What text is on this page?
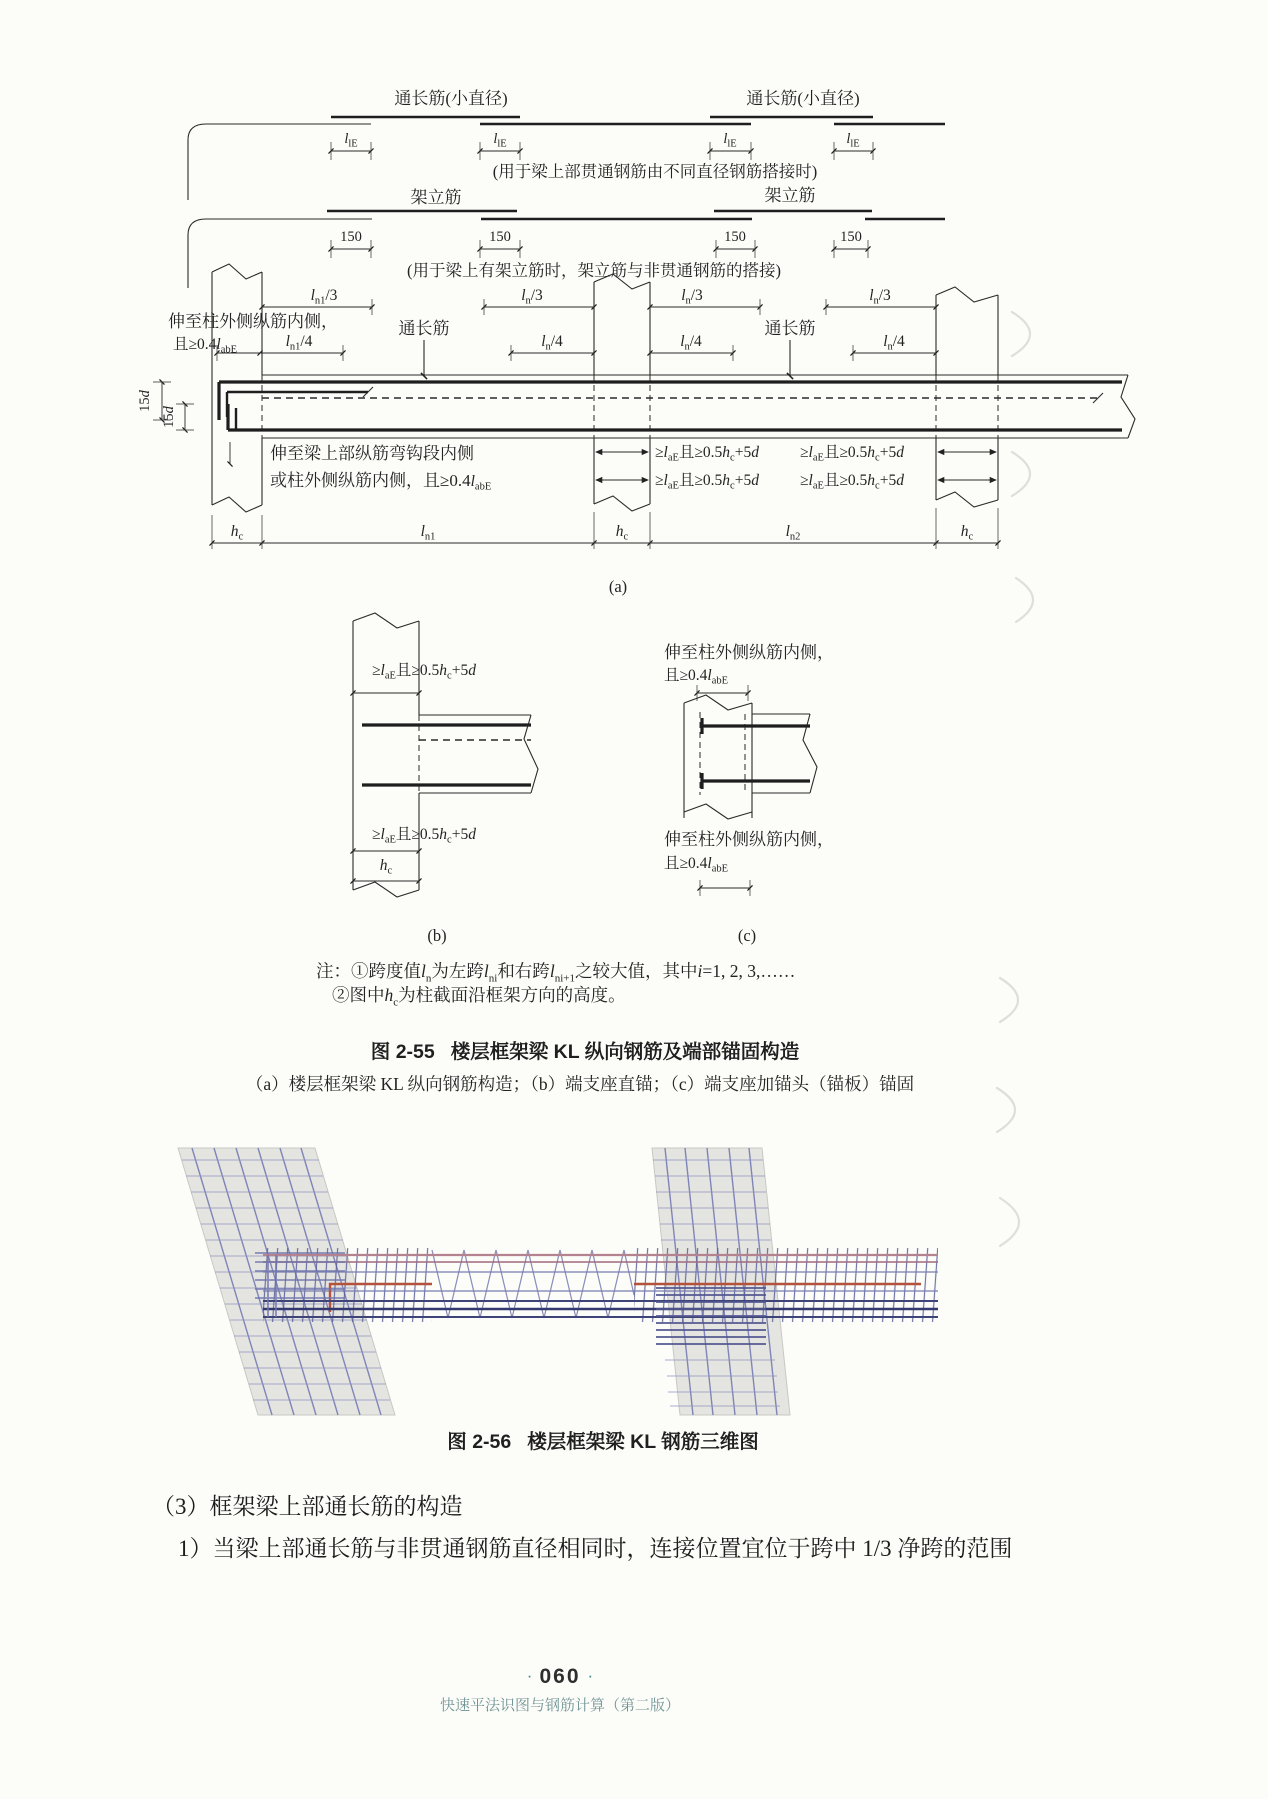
通长筋(小直径)	通长筋(小直径)
$l_{lE}$	$l_{lE}$	$l_{lE}$	$l_{lE}$
(用于梁上部贯通钢筋由不同直径钢筋搭接时)
架立筋	架立筋
150	150	150	150
(用于梁上有架立筋时，架立筋与非贯通钢筋的搭接)
15d
15d
$l_{n1}/3$	$l_n/3$	$l_n/3$	$l_n/3$
$l_{n1}/4$	$l_n/4$	$l_n/4$	$l_n/4$
伸至柱外侧纵筋内侧，
且$\ge 0.4l_{abE}$
通长筋	通长筋
伸至梁上部纵筋弯钩段内侧
或柱外侧纵筋内侧，且$\ge 0.4l_{abE}$
$\ge l_{aE}$且$\ge 0.5h_c+5d$	$\ge l_{aE}$且$\ge 0.5h_c+5d$
$\ge l_{aE}$且$\ge 0.5h_c+5d$	$\ge l_{aE}$且$\ge 0.5h_c+5d$
$h_c$	$l_{n1}$	$h_c$	$l_{n2}$	$h_c$
(a)
$\ge l_{aE}$且$\ge 0.5h_c+5d$
$\ge l_{aE}$且$\ge 0.5h_c+5d$
$h_c$
(b)
伸至柱外侧纵筋内侧，
且$\ge 0.4l_{abE}$
伸至柱外侧纵筋内侧，
且$\ge 0.4l_{abE}$
(c)
注：①跨度值$l_n$为左跨$l_{ni}$和右跨$l_{ni+1}$之较大值，其中i=1, 2, 3,……
②图中$h_c$为柱截面沿框架方向的高度。
图 2-55 楼层框架梁 KL 纵向钢筋及端部锚固构造
（a）楼层框架梁 KL 纵向钢筋构造；（b）端支座直锚；（c）端支座加锚头（锚板）锚固
图 2-56 楼层框架梁 KL 钢筋三维图
（3）框架梁上部通长筋的构造
1）当梁上部通长筋与非贯通钢筋直径相同时，连接位置宜位于跨中 1/3 净跨的范围
· 060 ·
快速平法识图与钢筋计算（第二版）
